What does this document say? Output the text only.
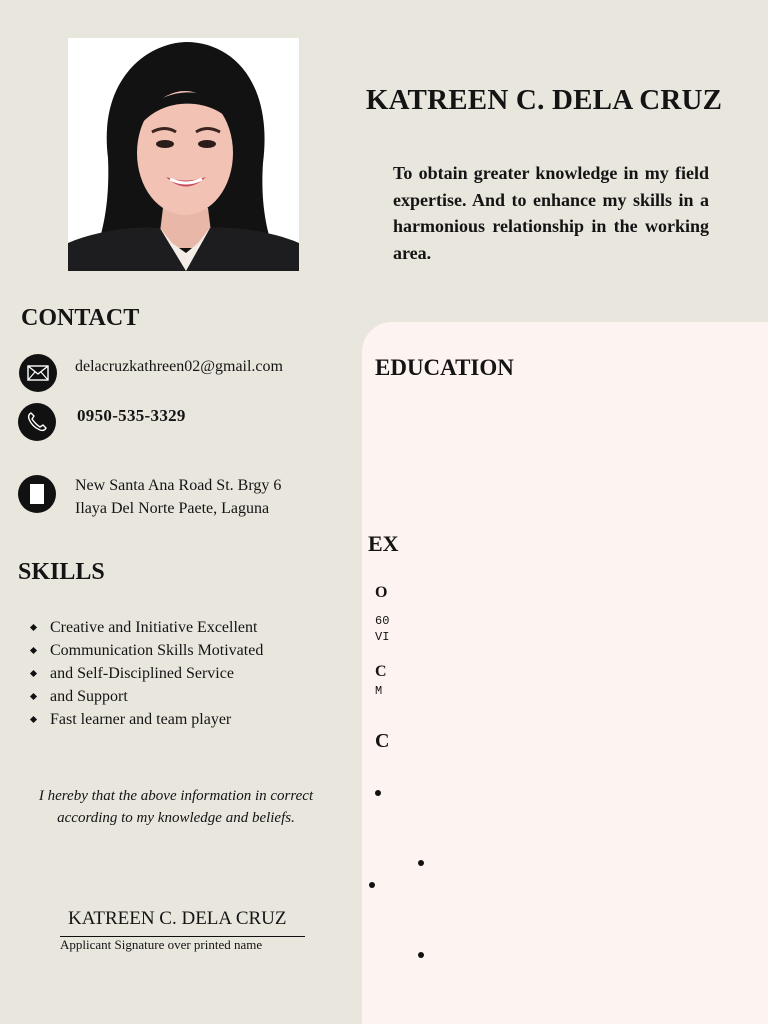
KATREEN C. DELA CRUZ
To obtain greater knowledge in my field expertise. And to enhance my skills in a harmonious relationship in the working area.
EDUCATION
EX
O
60
VI
C
M
C
CONTACT
delacruzkathreen02@gmail.com
0950-535-3329
New Santa Ana Road St. Brgy 6
Ilaya Del Norte Paete, Laguna
SKILLS
Creative and Initiative Excellent
Communication Skills Motivated
and Self-Disciplined Service
and Support
Fast learner and team player
I hereby that the above information in correct according to my knowledge and beliefs.
KATREEN C. DELA CRUZ
Applicant Signature over printed name
